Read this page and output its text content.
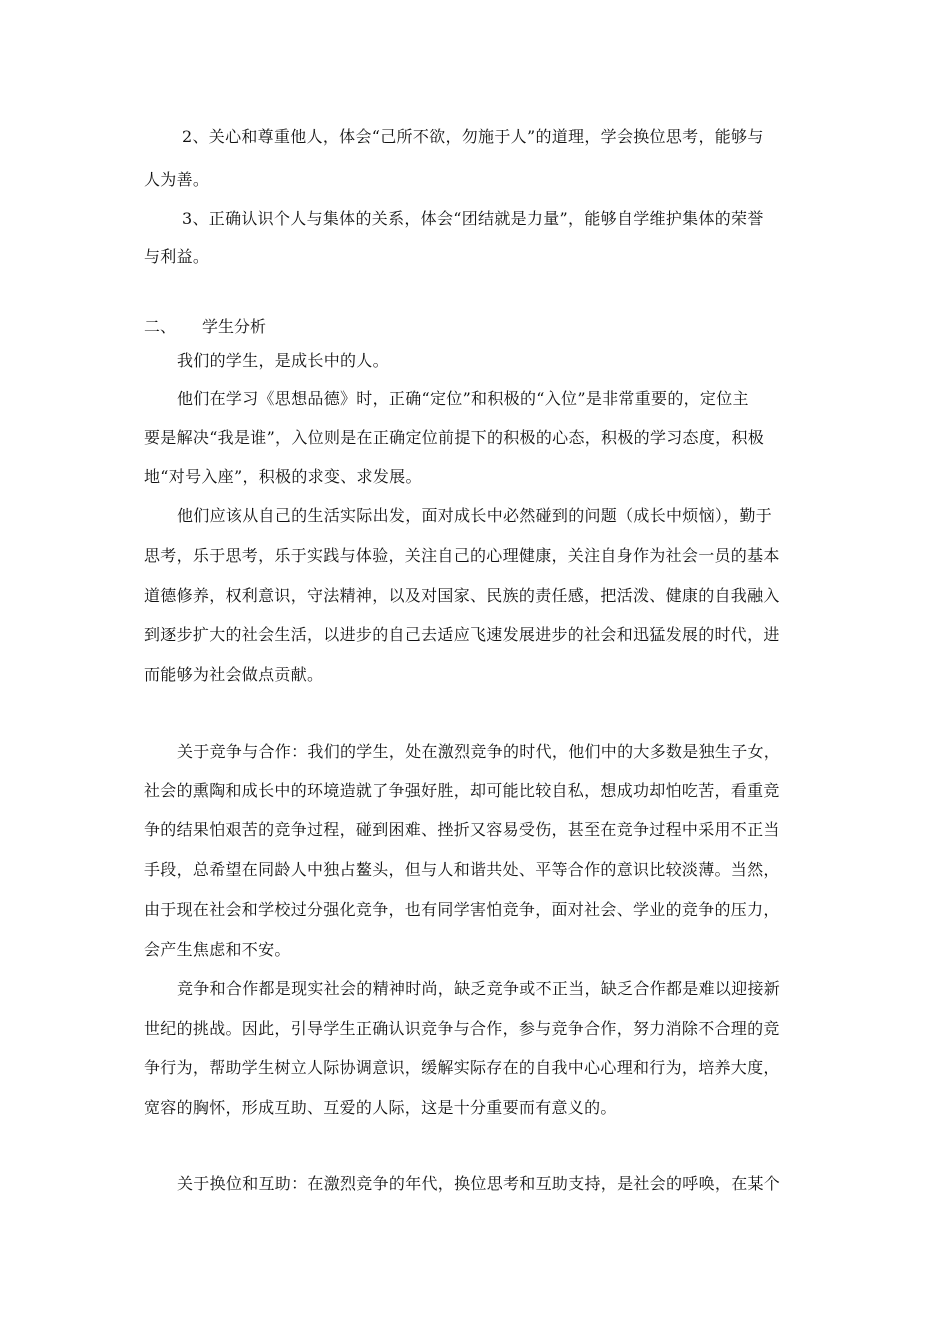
2、关心和尊重他人，体会“己所不欲，勿施于人”的道理，学会换位思考，能够与
人为善。
3、正确认识个人与集体的关系，体会“团结就是力量”，能够自学维护集体的荣誉
与利益。
二、 学生分析
我们的学生，是成长中的人。
他们在学习《思想品德》时，正确“定位”和积极的“入位”是非常重要的，定位主
要是解决“我是谁”，入位则是在正确定位前提下的积极的心态，积极的学习态度，积极
地“对号入座”，积极的求变、求发展。
他们应该从自己的生活实际出发，面对成长中必然碰到的问题（成长中烦恼），勤于
思考，乐于思考，乐于实践与体验，关注自己的心理健康，关注自身作为社会一员的基本
道德修养，权利意识，守法精神，以及对国家、民族的责任感，把活泼、健康的自我融入
到逐步扩大的社会生活，以进步的自己去适应飞速发展进步的社会和迅猛发展的时代，进
而能够为社会做点贡献。
关于竞争与合作：我们的学生，处在激烈竞争的时代，他们中的大多数是独生子女，
社会的熏陶和成长中的环境造就了争强好胜，却可能比较自私，想成功却怕吃苦，看重竞
争的结果怕艰苦的竞争过程，碰到困难、挫折又容易受伤，甚至在竞争过程中采用不正当
手段，总希望在同龄人中独占鳌头，但与人和谐共处、平等合作的意识比较淡薄。当然，
由于现在社会和学校过分强化竞争，也有同学害怕竞争，面对社会、学业的竞争的压力，
会产生焦虑和不安。
竞争和合作都是现实社会的精神时尚，缺乏竞争或不正当，缺乏合作都是难以迎接新
世纪的挑战。因此，引导学生正确认识竞争与合作，参与竞争合作，努力消除不合理的竞
争行为，帮助学生树立人际协调意识，缓解实际存在的自我中心心理和行为，培养大度，
宽容的胸怀，形成互助、互爱的人际，这是十分重要而有意义的。
关于换位和互助：在激烈竞争的年代，换位思考和互助支持，是社会的呼唤，在某个
